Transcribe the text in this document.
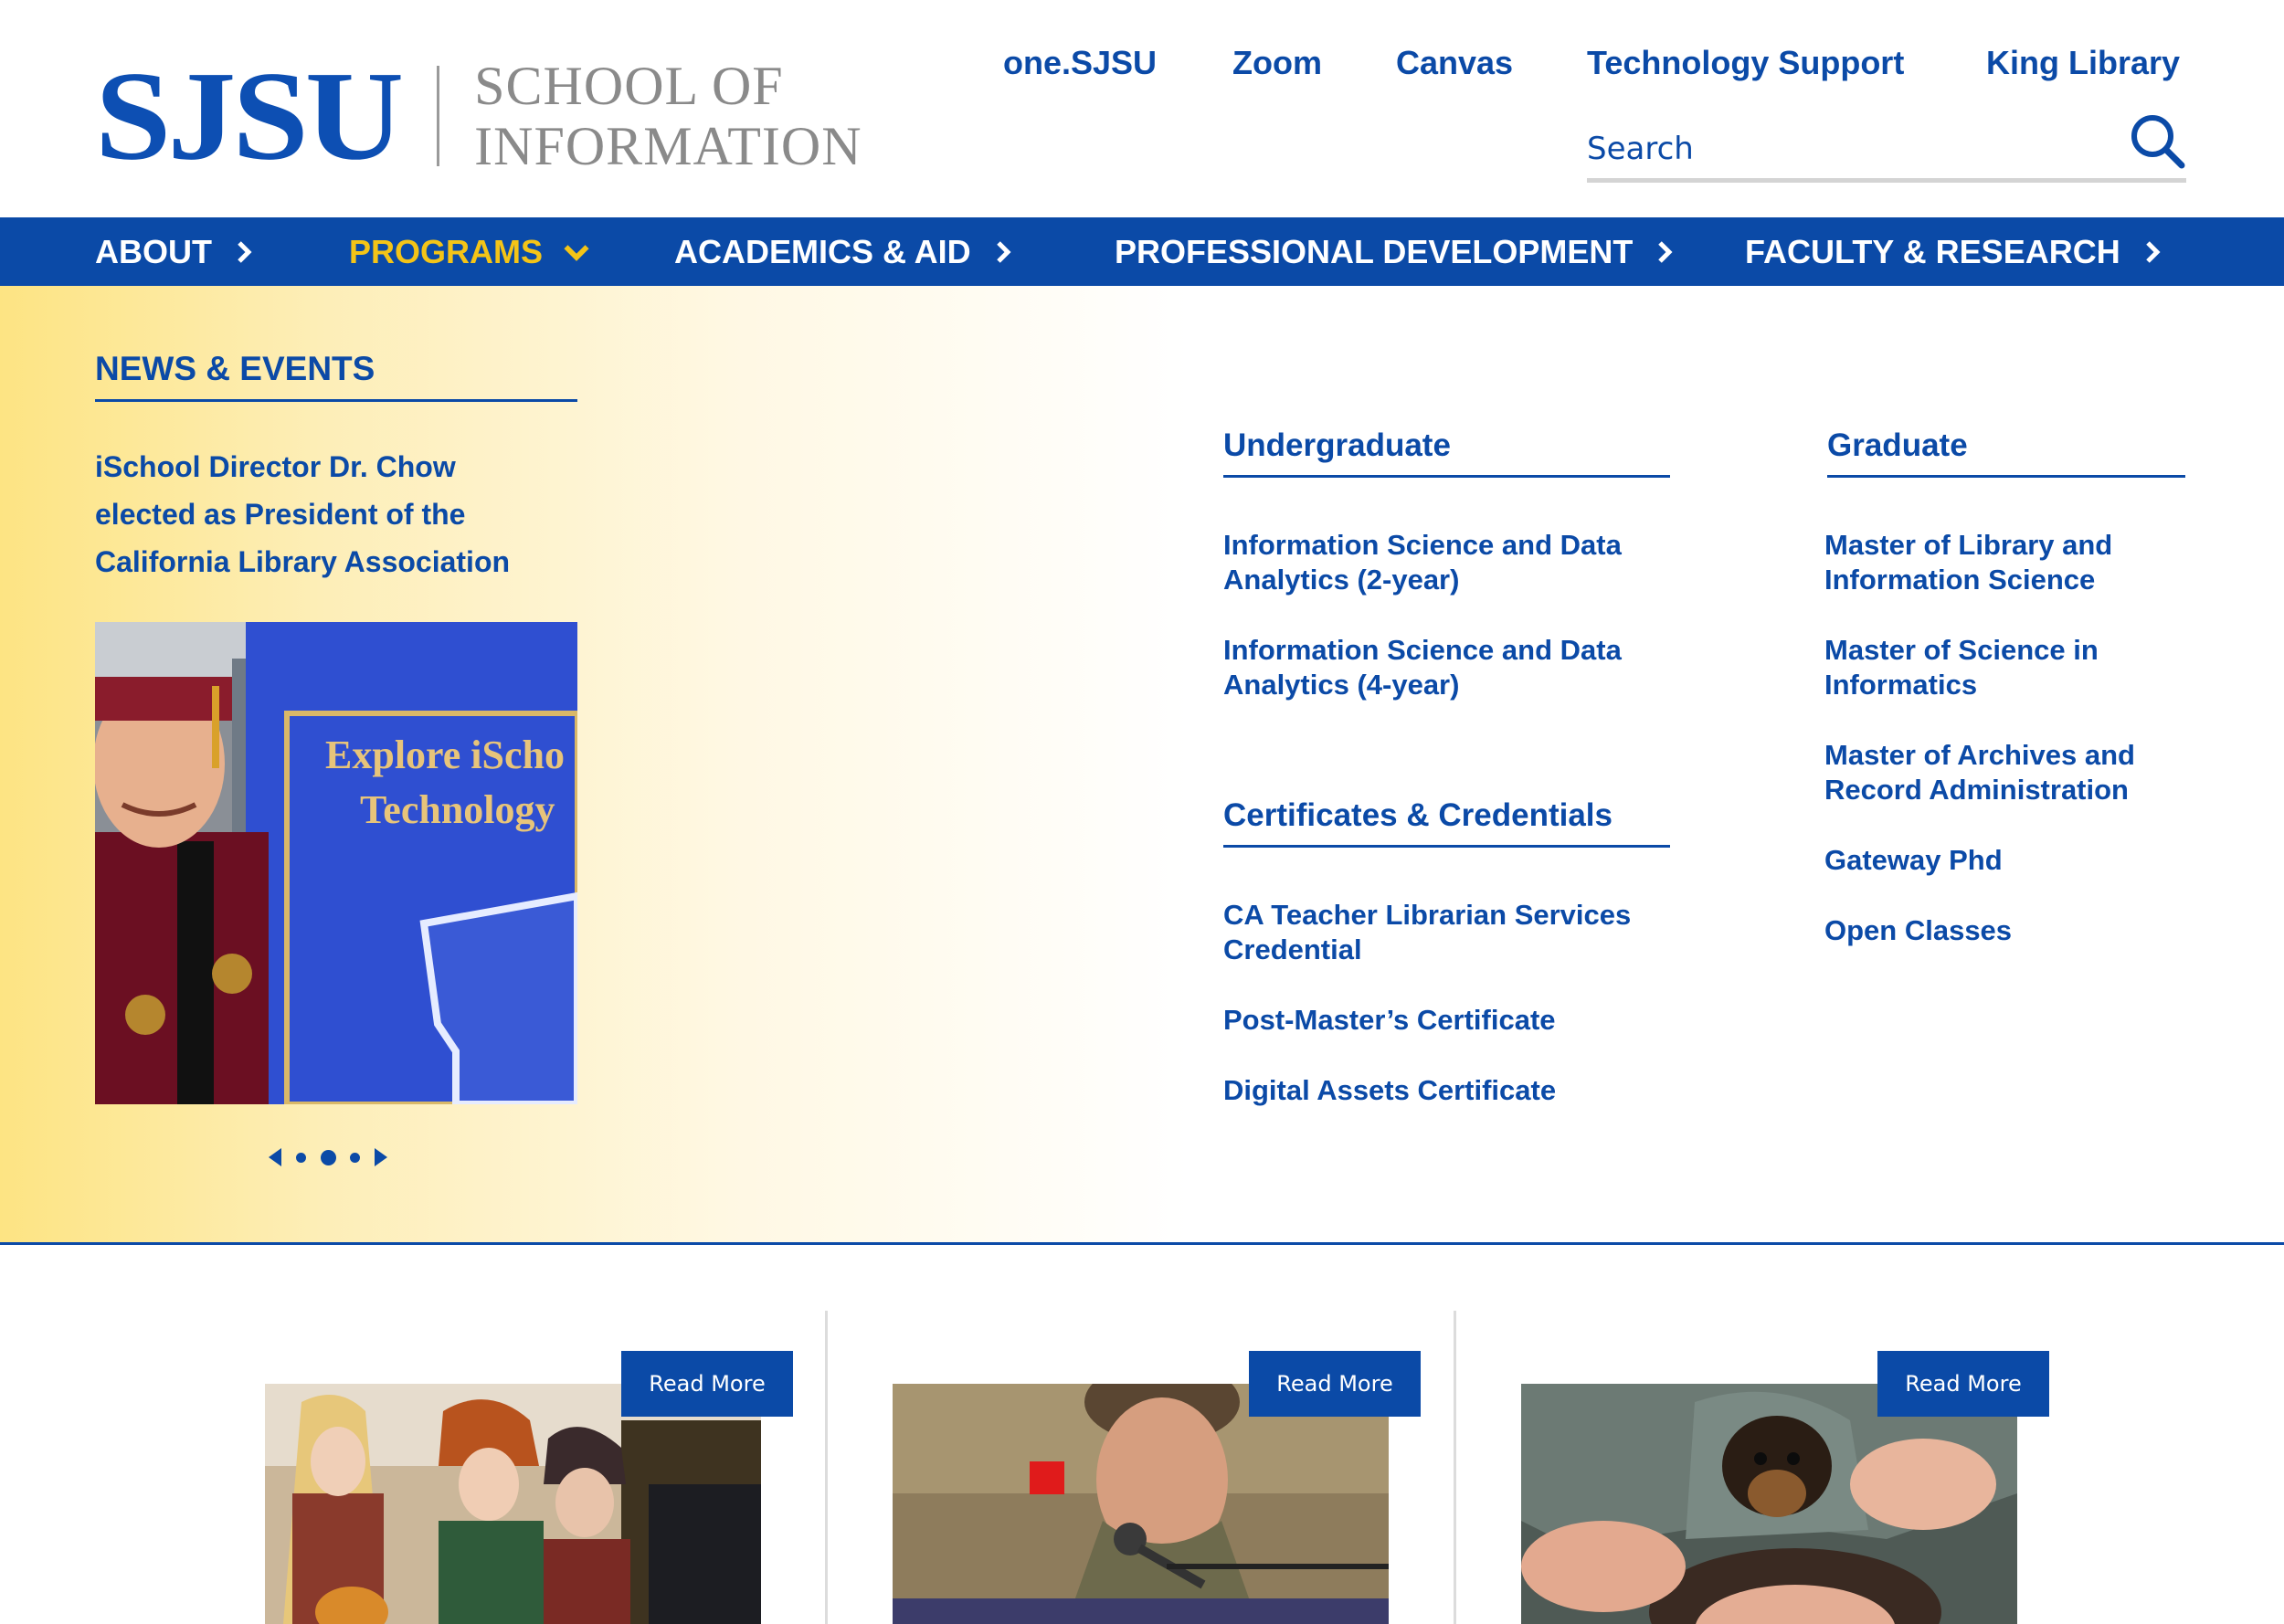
SJSU SCHOOL OF
INFORMATION
one.SJSU Zoom Canvas Technology Support King Library
Search
ABOUT	PROGRAMS	ACADEMICS & AID	PROFESSIONAL DEVELOPMENT	FACULTY & RESEARCH
NEWS & EVENTS
iSchool Director Dr. Chow
elected as President of the
California Library Association
Explore iScho
Technology
Undergraduate
Information Science and Data
Analytics (2-year)
Information Science and Data
Analytics (4-year)
Certificates & Credentials
CA Teacher Librarian Services
Credential
Post-Master’s Certificate
Digital Assets Certificate
Graduate
Master of Library and
Information Science
Master of Science in
Informatics
Master of Archives and
Record Administration
Gateway Phd
Open Classes
Read More	Read More	Read More
